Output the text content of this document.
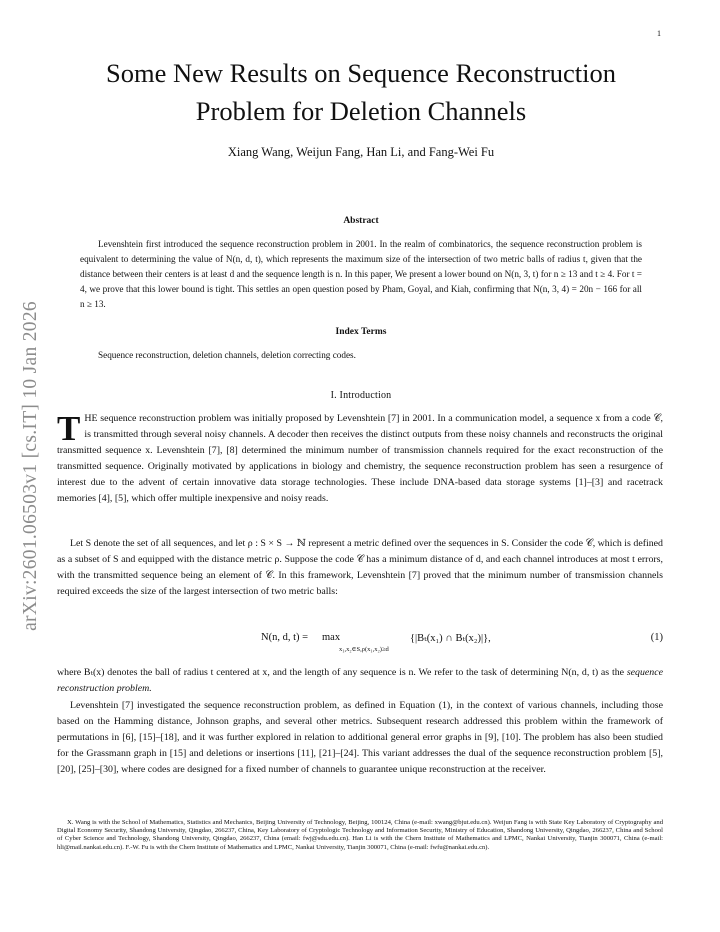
1
arXiv:2601.06503v1 [cs.IT] 10 Jan 2026
Some New Results on Sequence Reconstruction Problem for Deletion Channels
Xiang Wang, Weijun Fang, Han Li, and Fang-Wei Fu
Abstract

Levenshtein first introduced the sequence reconstruction problem in 2001. In the realm of combinatorics, the sequence reconstruction problem is equivalent to determining the value of N(n, d, t), which represents the maximum size of the intersection of two metric balls of radius t, given that the distance between their centers is at least d and the sequence length is n. In this paper, We present a lower bound on N(n, 3, t) for n ≥ 13 and t ≥ 4. For t = 4, we prove that this lower bound is tight. This settles an open question posed by Pham, Goyal, and Kiah, confirming that N(n, 3, 4) = 20n − 166 for all n ≥ 13.

Index Terms
Sequence reconstruction, deletion channels, deletion correcting codes.
I. Introduction

THE sequence reconstruction problem was initially proposed by Levenshtein [7] in 2001. In a communication model, a sequence x from a code 𝒞, is transmitted through several noisy channels. A decoder then receives the distinct outputs from these noisy channels and reconstructs the original transmitted sequence x. Levenshtein [7], [8] determined the minimum number of transmission channels required for the exact reconstruction of the transmitted sequence. Originally motivated by applications in biology and chemistry, the sequence reconstruction problem has seen a resurgence of interest due to the advent of certain innovative data storage technologies. These include DNA-based data storage systems [1]–[3] and racetrack memories [4], [5], which offer multiple inexpensive and noisy reads.

Let S denote the set of all sequences, and let ρ : S × S → ℕ represent a metric defined over the sequences in S. Consider the code 𝒞, which is defined as a subset of S and equipped with the distance metric ρ. Suppose the code 𝒞 has a minimum distance of d, and each channel introduces at most t errors, with the transmitted sequence being an element of 𝒞. In this framework, Levenshtein [7] proved that the minimum number of transmission channels required exceeds the size of the largest intersection of two metric balls:

N(n, d, t) = max
x₁,x₂∈S,ρ(x₁,x₂)≥d
{|Bₜ(x₁) ∩ Bₜ(x₂)|},	(1)

where Bₜ(x) denotes the ball of radius t centered at x, and the length of any sequence is n. We refer to the task of determining N(n, d, t) as the sequence reconstruction problem.

Levenshtein [7] investigated the sequence reconstruction problem, as defined in Equation (1), in the context of various channels, including those based on the Hamming distance, Johnson graphs, and several other metrics. Subsequent research addressed this problem within the framework of permutations in [6], [15]–[18], and it was further explored in relation to additional general error graphs in [9], [10]. The problem has also been studied for the Grassmann graph in [15] and deletions or insertions [11], [21]–[24]. This variant addresses the dual of the sequence reconstruction problem [5], [20], [25]–[30], where codes are designed for a fixed number of channels to guarantee unique reconstruction at the receiver.

X. Wang is with the School of Mathematics, Statistics and Mechanics, Beijing University of Technology, Beijing, 100124, China (e-mail: xwang@bjut.edu.cn). Weijun Fang is with State Key Laboratory of Cryptography and Digital Economy Security, Shandong University, Qingdao, 266237, China, Key Laboratory of Cryptologic Technology and Information Security, Ministry of Education, Shandong University, Qingdao, 266237, China and School of Cyber Science and Technology, Shandong University, Qingdao, 266237, China (email: fwj@sdu.edu.cn). Han Li is with the Chern Institute of Mathematics and LPMC, Nankai University, Tianjin 300071, China (e-mail: hli@mail.nankai.edu.cn). F.-W. Fu is with the Chern Institute of Mathematics and LPMC, Nankai University, Tianjin 300071, China (e-mail: fwfu@nankai.edu.cn).
